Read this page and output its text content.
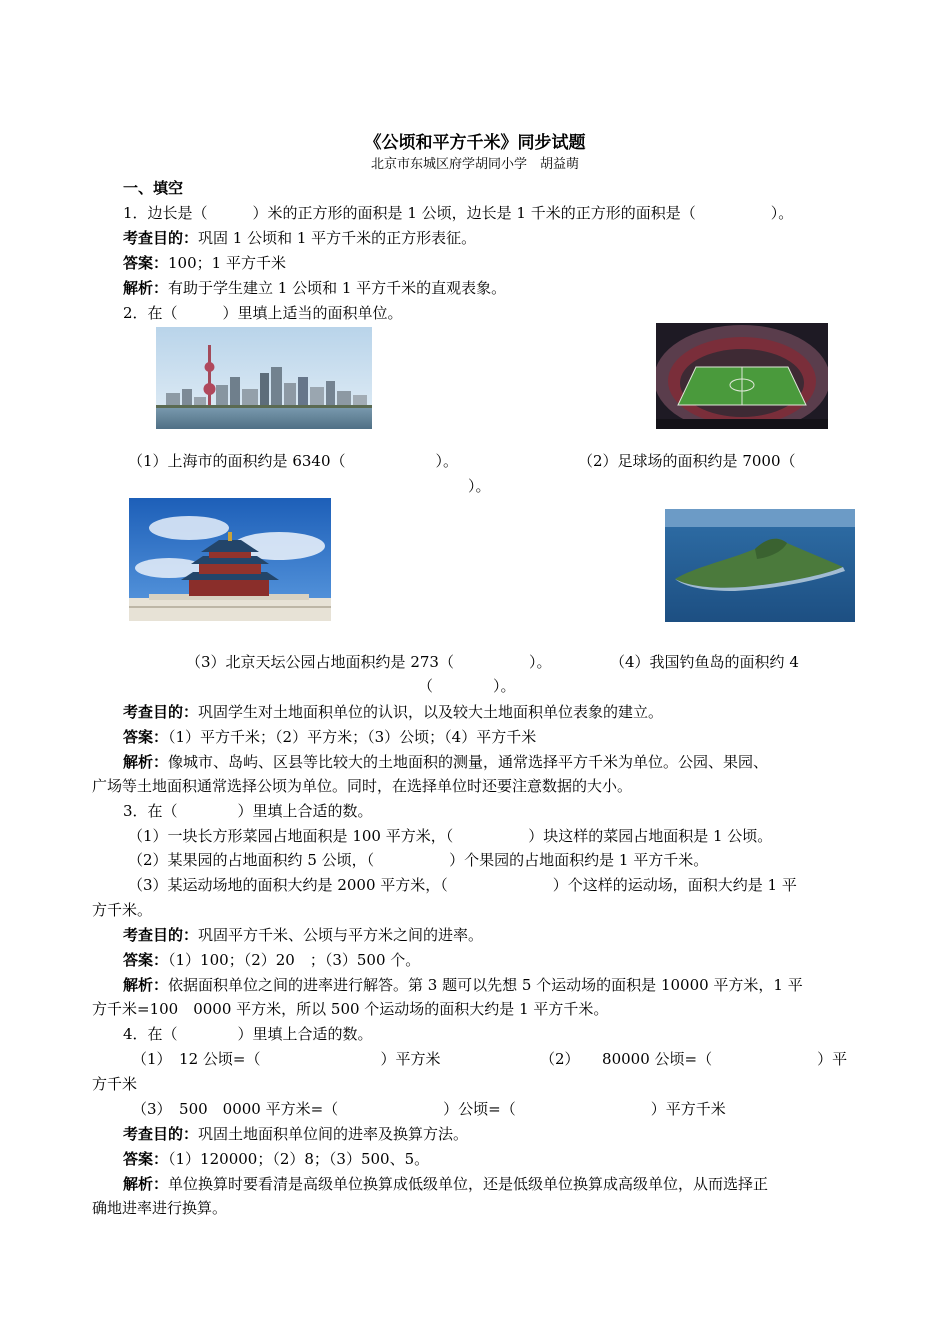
《公顷和平方千米》同步试题
北京市东城区府学胡同小学　胡益萌
一、填空
1．边长是（　　　）米的正方形的面积是 1 公顷，边长是 1 千米的正方形的面积是（　　　　　）。
考查目的：巩固 1 公顷和 1 平方千米的正方形表征。
答案：100；1 平方千米
解析：有助于学生建立 1 公顷和 1 平方千米的直观表象。
2．在（　　　）里填上适当的面积单位。
（1）上海市的面积约是 6340（　　　　　　）。	（2）足球场的面积约是 7000（
）。
（3）北京天坛公园占地面积约是 273（　　　　　）。	（4）我国钓鱼岛的面积约 4
（　　　　）。
考查目的：巩固学生对土地面积单位的认识，以及较大土地面积单位表象的建立。
答案：（1）平方千米；（2）平方米；（3）公顷；（4）平方千米
解析：像城市、岛屿、区县等比较大的土地面积的测量，通常选择平方千米为单位。公园、果园、
广场等土地面积通常选择公顷为单位。同时，在选择单位时还要注意数据的大小。
3．在（　　　　）里填上合适的数。
（1）一块长方形菜园占地面积是 100 平方米，（　　　　　）块这样的菜园占地面积是 1 公顷。
（2）某果园的占地面积约 5 公顷，（　　　　　）个果园的占地面积约是 1 平方千米。
（3）某运动场地的面积大约是 2000 平方米，（　　　　　　　）个这样的运动场，面积大约是 1 平
方千米。
考查目的：巩固平方千米、公顷与平方米之间的进率。
答案：（1）100；（2）20　；（3）500 个。
解析：依据面积单位之间的进率进行解答。第 3 题可以先想 5 个运动场的面积是 10000 平方米，1 平
方千米=100　0000 平方米，所以 500 个运动场的面积大约是 1 平方千米。
4．在（　　　　）里填上合适的数。
（1）　12 公顷=（　　　　　　　　）平方米	（2）　　80000 公顷=（　　　　　　　）平
方千米
（3）　500　0000 平方米=（　　　　　　　）公顷=（　　　　　　　　　）平方千米
考查目的：巩固土地面积单位间的进率及换算方法。
答案：（1）120000；（2）8；（3）500、5。
解析：单位换算时要看清是高级单位换算成低级单位，还是低级单位换算成高级单位，从而选择正
确地进率进行换算。
